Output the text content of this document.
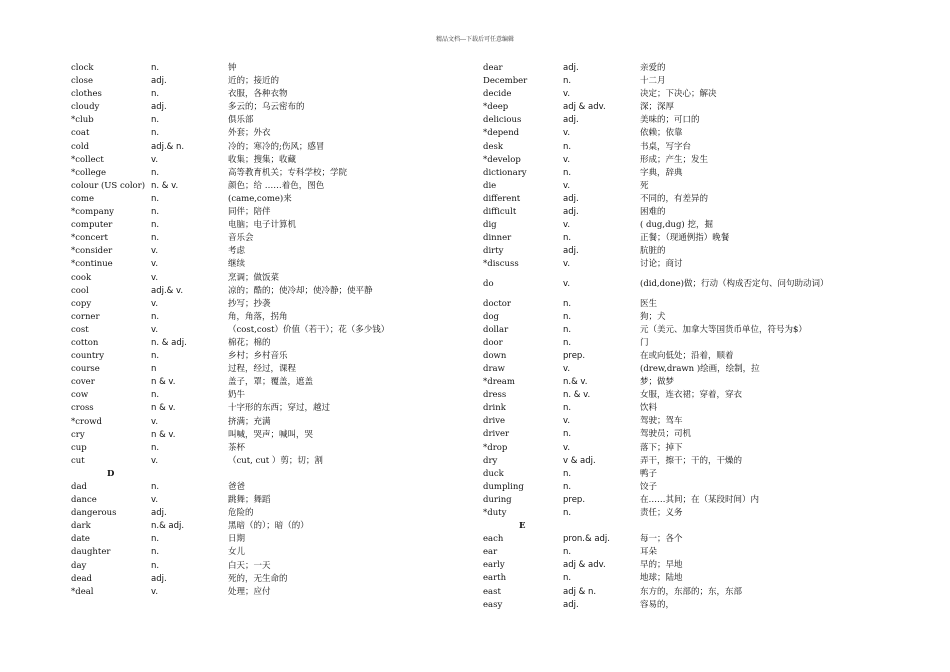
精品文档---下载后可任意编辑
clock	n.	钟
close	adj.	近的；接近的
clothes	n.	衣服，各种衣物
cloudy	adj.	多云的；乌云密布的
*club	n.	俱乐部
coat	n.	外套；外衣
cold	adj.& n.	冷的；寒冷的;伤风；感冒
*collect	v.	收集；搜集；收藏
*college	n.	高等教育机关；专科学校；学院
colour (US color) n. & v.	颜色；给 ……着色，图色
come	n.	(came,come)来
*company	n.	同伴；陪伴
computer	n.	电脑；电子计算机
*concert	n.	音乐会
*consider	v.	考虑
*continue	v.	继续
cook	v.	烹调；做饭菜
cool	adj.& v.	凉的；酷的；使冷却；使冷静；使平静
copy	v.	抄写；抄袭
corner	n.	角，角落，拐角
cost	v.	（cost,cost）价值（若干）；花（多少钱）
cotton	n. & adj.	棉花；棉的
country	n.	乡村；乡村音乐
course	n	过程，经过，课程
cover	n & v.	盖子，罩；覆盖，遮盖
cow	n.	奶牛
cross	n & v.	十字形的东西；穿过，越过
*crowd	v.	挤满；充满
cry	n & v.	叫喊，哭声；喊叫，哭
cup	n.	茶杯
cut	v.	（cut, cut ）剪；切；割
D
dad	n.	爸爸
dance	v.	跳舞；舞蹈
dangerous	adj.	危险的
dark	n.& adj.	黑暗（的）；暗（的）
date	n.	日期
daughter	n.	女儿
day	n.	白天；一天
dead	adj.	死的，无生命的
*deal	v.	处理；应付
dear	adj.	亲爱的
December	n.	十二月
decide	v.	决定；下决心；解决
*deep	adj & adv.	深；深厚
delicious	adj.	美味的；可口的
*depend	v.	依赖；依靠
desk	n.	书桌，写字台
*develop	v.	形成；产生；发生
dictionary	n.	字典，辞典
die	v.	死
different	adj.	不同的，有差异的
difficult	adj.	困难的
dig	v.	( dug,dug) 挖，掘
dinner	n.	正餐；（现通例指）晚餐
dirty	adj.	肮脏的
*discuss	v.	讨论；商讨
do	v.	(did,done)做；行动（构成否定句、问句助动词）
doctor	n.	医生
dog	n.	狗；犬
dollar	n.	元（美元、加拿大等国货币单位，符号为$）
door	n.	门
down	prep.	在或向低处；沿着，顺着
draw	v.	(drew,drawn )绘画，绘制，拉
*dream	n.& v.	梦；做梦
dress	n. & v.	女服，连衣裙；穿着，穿衣
drink	n.	饮料
drive	v.	驾驶；驾车
driver	n.	驾驶员；司机
*drop	v.	落下；掉下
dry	v & adj.	弄干，擦干；干的，干燥的
duck	n.	鸭子
dumpling	n.	饺子
during	prep.	在……其间；在（某段时间）内
*duty	n.	责任；义务
E
each	pron.& adj.	每一；各个
ear	n.	耳朵
early	adj & adv.	早的；早地
earth	n.	地球；陆地
east	adj & n.	东方的，东部的；东，东部
easy	adj.	容易的，
